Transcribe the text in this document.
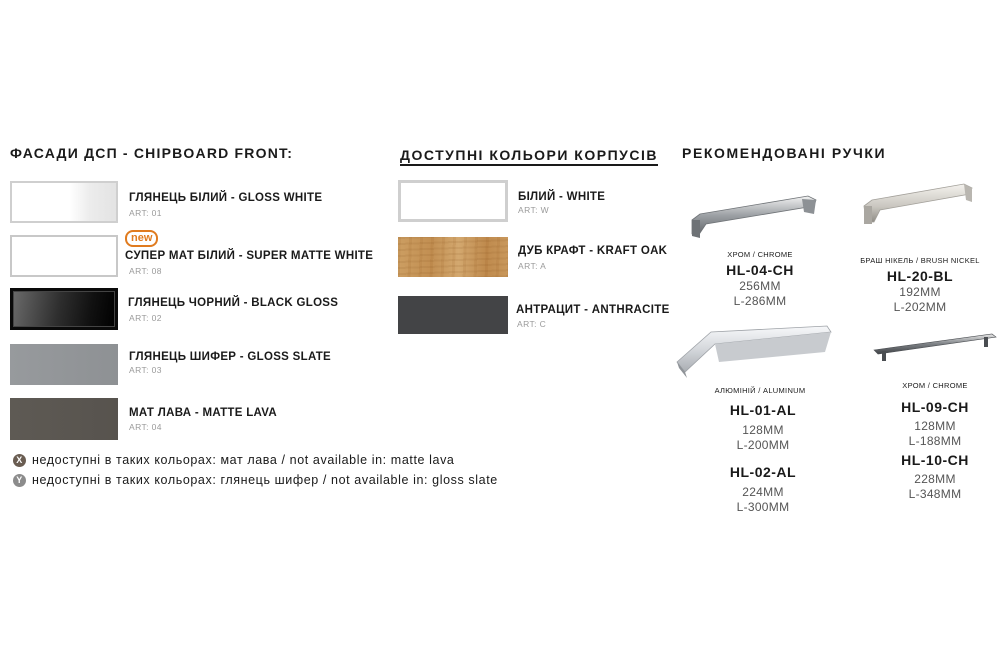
ФАСАДИ ДСП - CHIPBOARD FRONT:
ГЛЯНЕЦЬ БІЛИЙ - GLOSS WHITE
ART: 01
new
СУПЕР МАТ БІЛИЙ - SUPER MATTE WHITE
ART: 08
ГЛЯНЕЦЬ ЧОРНИЙ - BLACK GLOSS
ART: 02
ГЛЯНЕЦЬ ШИФЕР - GLOSS SLATE
ART: 03
МАТ ЛАВА - MATTE LAVA
ART: 04
X недоступні в таких кольорах: мат лава / not available in: matte lava
Y недоступні в таких кольорах: глянець шифер / not available in: gloss slate
ДОСТУПНІ КОЛЬОРИ КОРПУСІВ
БІЛИЙ - WHITE
ART: W
ДУБ КРАФТ - KRAFT OAK
ART: A
АНТРАЦИТ - ANTHRACITE
ART: C
РЕКОМЕНДОВАНІ РУЧКИ
ХРОМ / CHROME
HL-04-CH
256MM
L-286MM
БРАШ НІКЕЛЬ / BRUSH NICKEL
HL-20-BL
192MM
L-202MM
АЛЮМІНІЙ / ALUMINUM
HL-01-AL
128MM
L-200MM
HL-02-AL
224MM
L-300MM
ХРОМ / CHROME
HL-09-CH
128MM
L-188MM
HL-10-CH
228MM
L-348MM
